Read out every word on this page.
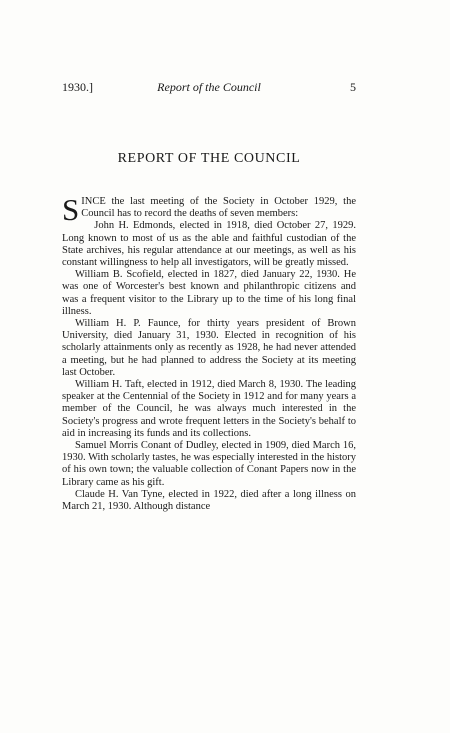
1930.]	Report of the Council	5
REPORT OF THE COUNCIL

SINCE the last meeting of the Society in October 1929, the Council has to record the deaths of seven members:

John H. Edmonds, elected in 1918, died October 27, 1929. Long known to most of us as the able and faithful custodian of the State archives, his regular attendance at our meetings, as well as his constant willingness to help all investigators, will be greatly missed.

William B. Scofield, elected in 1827, died January 22, 1930. He was one of Worcester's best known and philanthropic citizens and was a frequent visitor to the Library up to the time of his long final illness.

William H. P. Faunce, for thirty years president of Brown University, died January 31, 1930. Elected in recognition of his scholarly attainments only as recently as 1928, he had never attended a meeting, but he had planned to address the Society at its meeting last October.

William H. Taft, elected in 1912, died March 8, 1930. The leading speaker at the Centennial of the Society in 1912 and for many years a member of the Council, he was always much interested in the Society's progress and wrote frequent letters in the Society's behalf to aid in increasing its funds and its collections.

Samuel Morris Conant of Dudley, elected in 1909, died March 16, 1930. With scholarly tastes, he was especially interested in the history of his own town; the valuable collection of Conant Papers now in the Library came as his gift.

Claude H. Van Tyne, elected in 1922, died after a long illness on March 21, 1930. Although distance
